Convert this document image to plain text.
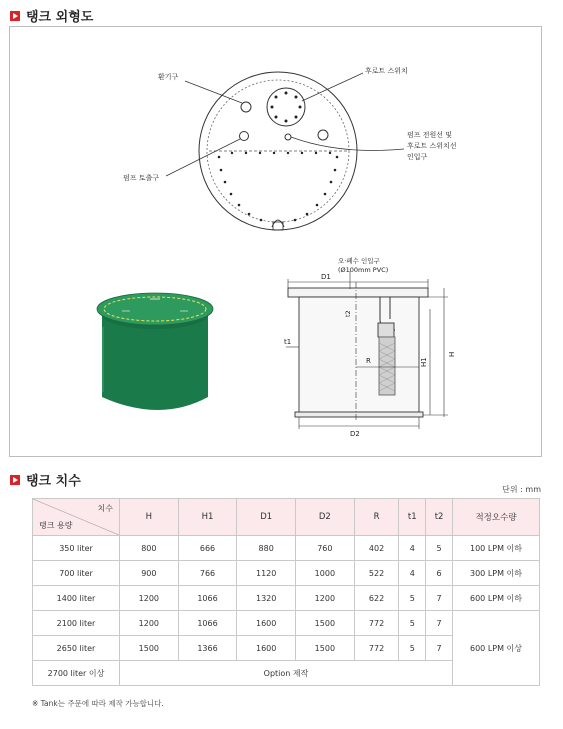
탱크 외형도
환기구
후로트 스위치
펌프 전원선 및
후로트 스위치선
인입구
펌프 토출구
오·폐수 인입구
(Ø100mm PVC)
D1
D2
t1
t2
R
H
H1
탱크 치수
단위 : mm
치수
탱크 용량	H	H1	D1	D2	R	t1	t2	적정오수량
350 liter	800	666	880	760	402	4	5	100 LPM 이하
700 liter	900	766	1120	1000	522	4	6	300 LPM 이하
1400 liter	1200	1066	1320	1200	622	5	7	600 LPM 이하
2100 liter	1200	1066	1600	1500	772	5	7	600 LPM 이상
2650 liter	1500	1366	1600	1500	772	5	7	
2700 liter 이상	Option 제작							
※ Tank는 주문에 따라 제작 가능합니다.
